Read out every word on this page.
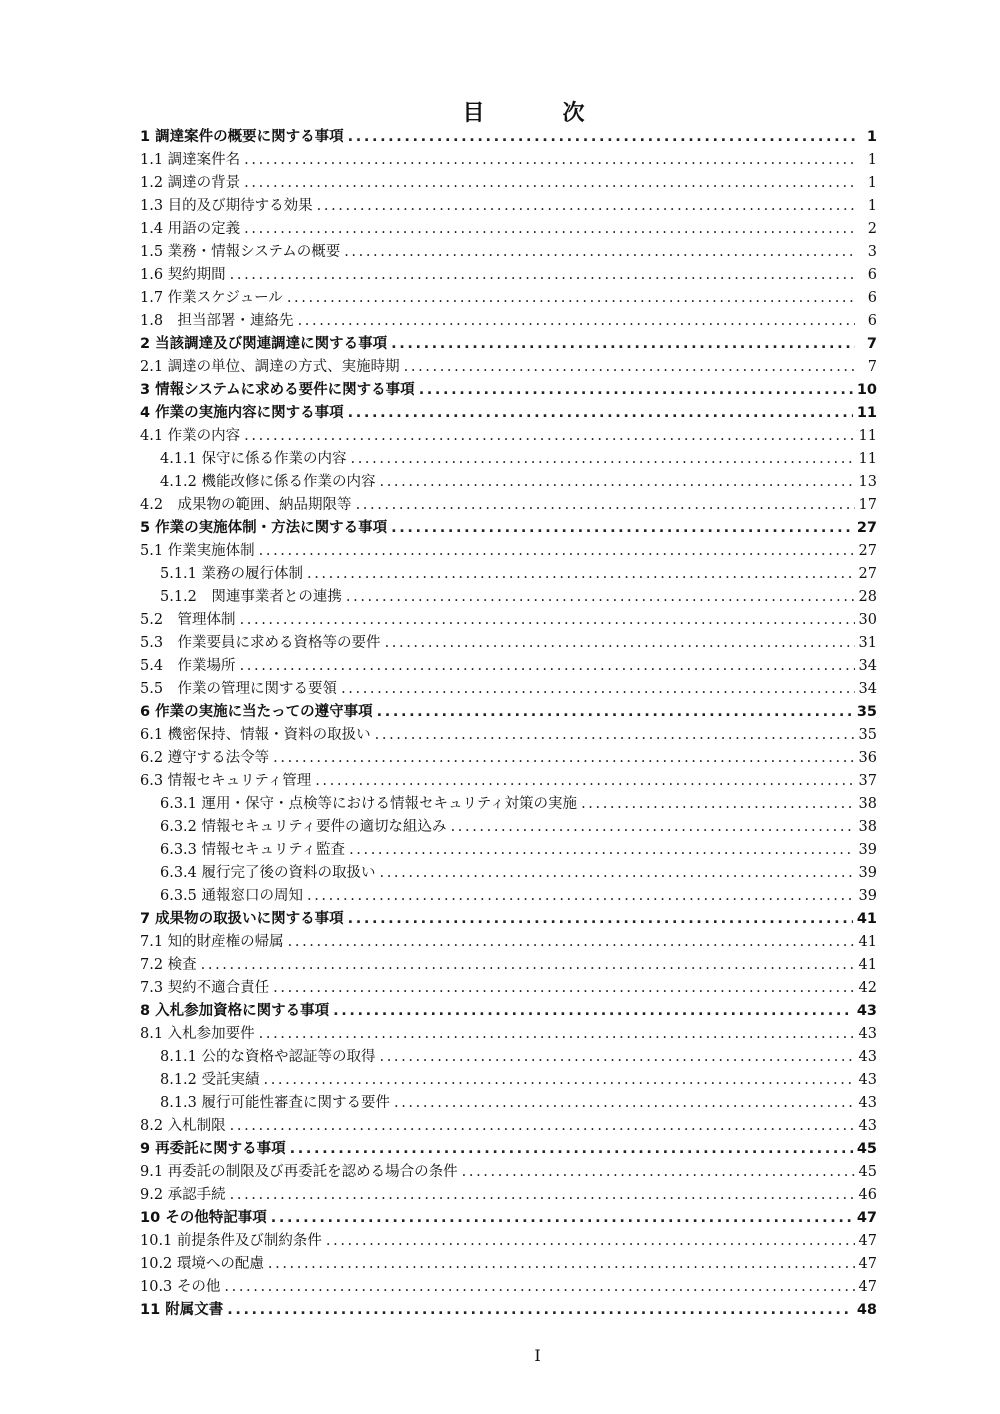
目　次
1 調達案件の概要に関する事項 .....	1
1.1 調達案件名 .....	1
1.2 調達の背景 .....	1
1.3 目的及び期待する効果 .....	1
1.4 用語の定義 .....	2
1.5 業務・情報システムの概要 .....	3
1.6 契約期間 .....	6
1.7 作業スケジュール .....	6
1.8　担当部署・連絡先 .....	6
2 当該調達及び関連調達に関する事項 .....	7
2.1 調達の単位、調達の方式、実施時期 .....	7
3 情報システムに求める要件に関する事項 .....	10
4 作業の実施内容に関する事項 .....	11
4.1 作業の内容 .....	11
4.1.1 保守に係る作業の内容 .....	11
4.1.2 機能改修に係る作業の内容 .....	13
4.2　成果物の範囲、納品期限等 .....	17
5 作業の実施体制・方法に関する事項 .....	27
5.1 作業実施体制 .....	27
5.1.1 業務の履行体制 .....	27
5.1.2　関連事業者との連携 .....	28
5.2　管理体制 .....	30
5.3　作業要員に求める資格等の要件 .....	31
5.4　作業場所 .....	34
5.5　作業の管理に関する要領 .....	34
6 作業の実施に当たっての遵守事項 .....	35
6.1 機密保持、情報・資料の取扱い .....	35
6.2 遵守する法令等 .....	36
6.3 情報セキュリティ管理 .....	37
6.3.1 運用・保守・点検等における情報セキュリティ対策の実施 .....	38
6.3.2 情報セキュリティ要件の適切な組込み .....	38
6.3.3 情報セキュリティ監査 .....	39
6.3.4 履行完了後の資料の取扱い .....	39
6.3.5 通報窓口の周知 .....	39
7 成果物の取扱いに関する事項 .....	41
7.1 知的財産権の帰属 .....	41
7.2 検査 .....	41
7.3 契約不適合責任 .....	42
8 入札参加資格に関する事項 .....	43
8.1 入札参加要件 .....	43
8.1.1 公的な資格や認証等の取得 .....	43
8.1.2 受託実績 .....	43
8.1.3 履行可能性審査に関する要件 .....	43
8.2 入札制限 .....	43
9 再委託に関する事項 .....	45
9.1 再委託の制限及び再委託を認める場合の条件 .....	45
9.2 承認手続 .....	46
10 その他特記事項 .....	47
10.1 前提条件及び制約条件 .....	47
10.2 環境への配慮 .....	47
10.3 その他 .....	47
11 附属文書 .....	48
I
